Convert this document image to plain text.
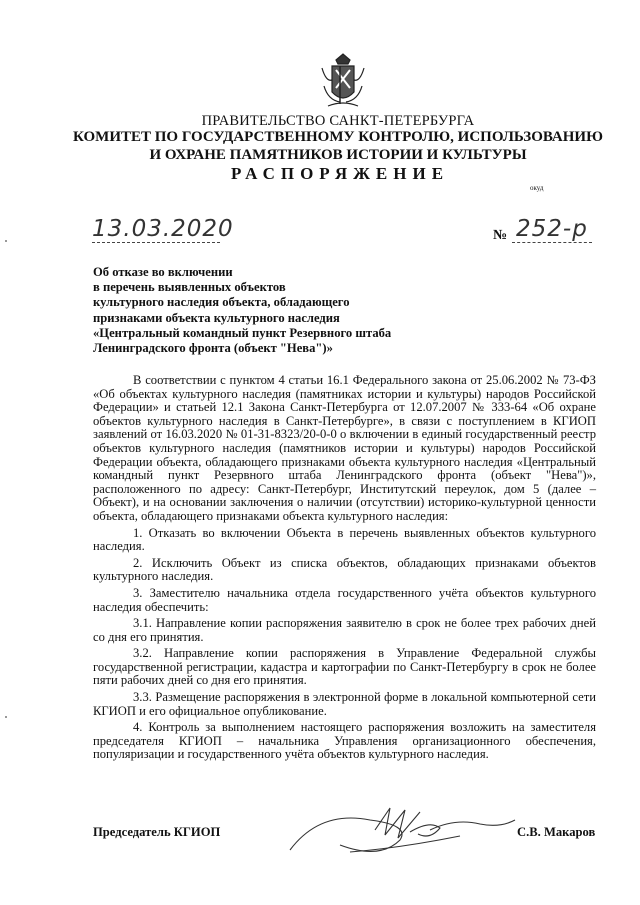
ПРАВИТЕЛЬСТВО САНКТ-ПЕТЕРБУРГА
КОМИТЕТ ПО ГОСУДАРСТВЕННОМУ КОНТРОЛЮ, ИСПОЛЬЗОВАНИЮ
И ОХРАНЕ ПАМЯТНИКОВ ИСТОРИИ И КУЛЬТУРЫ
РАСПОРЯЖЕНИЕ
окуд
13.03.2020	№ 252-р
Об отказе во включении
в перечень выявленных объектов
культурного наследия объекта, обладающего
признаками объекта культурного наследия
«Центральный командный пункт Резервного штаба
Ленинградского фронта (объект "Нева")»

В соответствии с пунктом 4 статьи 16.1 Федерального закона от 25.06.2002 № 73-ФЗ «Об объектах культурного наследия (памятниках истории и культуры) народов Российской Федерации» и статьей 12.1 Закона Санкт-Петербурга от 12.07.2007 № 333-64 «Об охране объектов культурного наследия в Санкт-Петербурге», в связи с поступлением в КГИОП заявлений от 16.03.2020 № 01-31-8323/20-0-0 о включении в единый государственный реестр объектов культурного наследия (памятников истории и культуры) народов Российской Федерации объекта, обладающего признаками объекта культурного наследия «Центральный командный пункт Резервного штаба Ленинградского фронта (объект "Нева")», расположенного по адресу: Санкт-Петербург, Институтский переулок, дом 5 (далее – Объект), и на основании заключения о наличии (отсутствии) историко-культурной ценности объекта, обладающего признаками объекта культурного наследия:

1. Отказать во включении Объекта в перечень выявленных объектов культурного наследия.

2. Исключить Объект из списка объектов, обладающих признаками объектов культурного наследия.

3. Заместителю начальника отдела государственного учёта объектов культурного наследия обеспечить:

3.1. Направление копии распоряжения заявителю в срок не более трех рабочих дней со дня его принятия.

3.2. Направление копии распоряжения в Управление Федеральной службы государственной регистрации, кадастра и картографии по Санкт-Петербургу в срок не более пяти рабочих дней со дня его принятия.

3.3. Размещение распоряжения в электронной форме в локальной компьютерной сети КГИОП и его официальное опубликование.

4. Контроль за выполнением настоящего распоряжения возложить на заместителя председателя КГИОП – начальника Управления организационного обеспечения, популяризации и государственного учёта объектов культурного наследия.

Председатель КГИОП	С.В. Макаров
